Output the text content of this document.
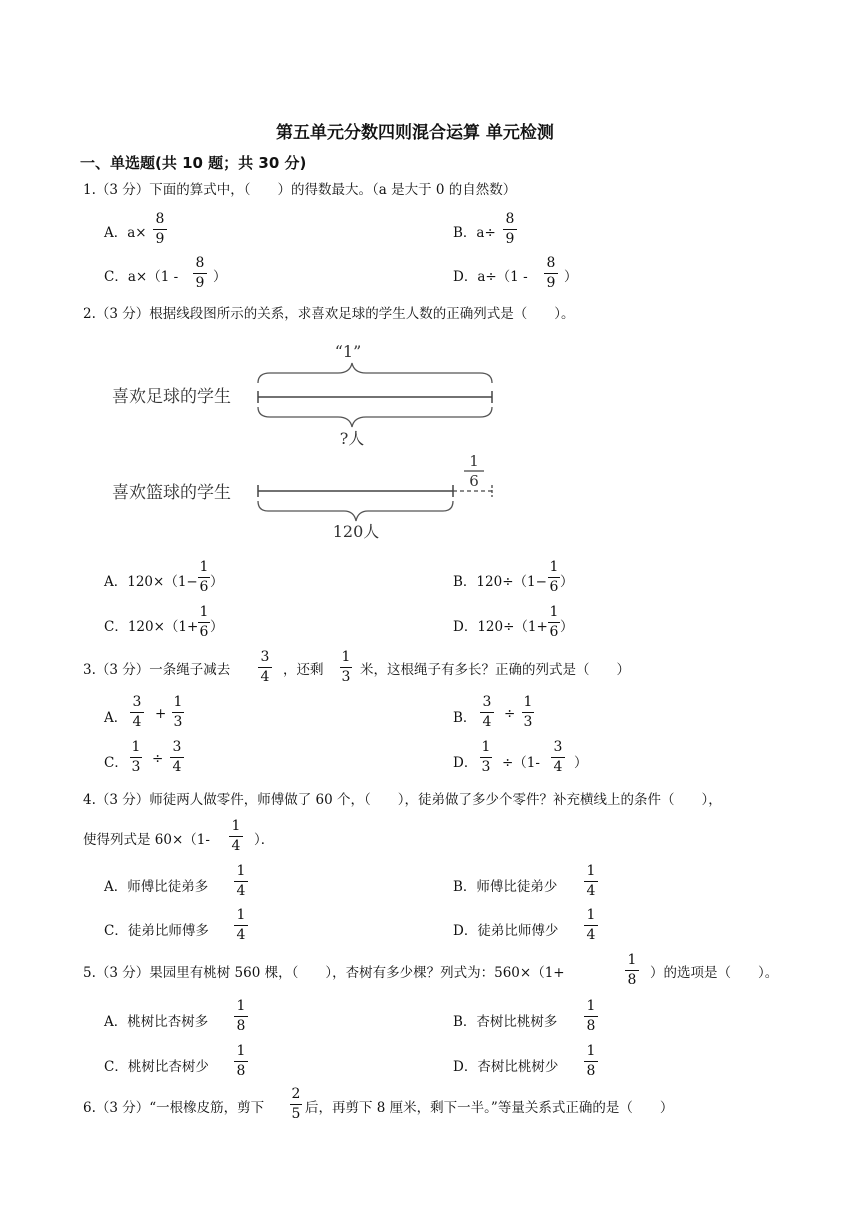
第五单元分数四则混合运算 单元检测
一、单选题(共 10 题；共 30 分)
1.（3 分）下面的算式中，（　　）的得数最大。（a 是大于 0 的自然数）
A．a×
8
9	B．a÷
8
9
C．a×（1 -
8
9 ）	D．a÷（1 -
8
9 ）
2.（3 分）根据线段图所示的关系，求喜欢足球的学生人数的正确列式是（　　）。
“1”
喜欢足球的学生
?人
1
6
喜欢篮球的学生
120人
A．120×（1−
1
6 ）	B．120÷（1−
1
6 ）
C．120×（1+
1
6 ）	D．120÷（1+
1
6 ）
3.（3 分）一条绳子减去
3
4 ，还剩
1
3 米，这根绳子有多长？正确的列式是（　　）
A．
3
4 +
1
3	B．
3
4 ÷
1
3
C．
1
3 ÷
3
4	D．
1
3 ÷（1-
3
4 ）
4.（3 分）师徒两人做零件，师傅做了 60 个，（　　），徒弟做了多少个零件？补充横线上的条件（　　），
使得列式是 60×（1-
1
4 ）．
A．师傅比徒弟多
1
4	B．师傅比徒弟少
1
4
C．徒弟比师傅多
1
4	D．徒弟比师傅少
1
4
5.（3 分）果园里有桃树 560 棵，（　　），杏树有多少棵？列式为：560×（1+
1
8 ）的选项是（　　）。
A．桃树比杏树多
1
8	B．杏树比桃树多
1
8
C．桃树比杏树少
1
8	D．杏树比桃树少
1
8
6.（3 分）“一根橡皮筋，剪下
2
5 后，再剪下 8 厘米，剩下一半。”等量关系式正确的是（　　）
